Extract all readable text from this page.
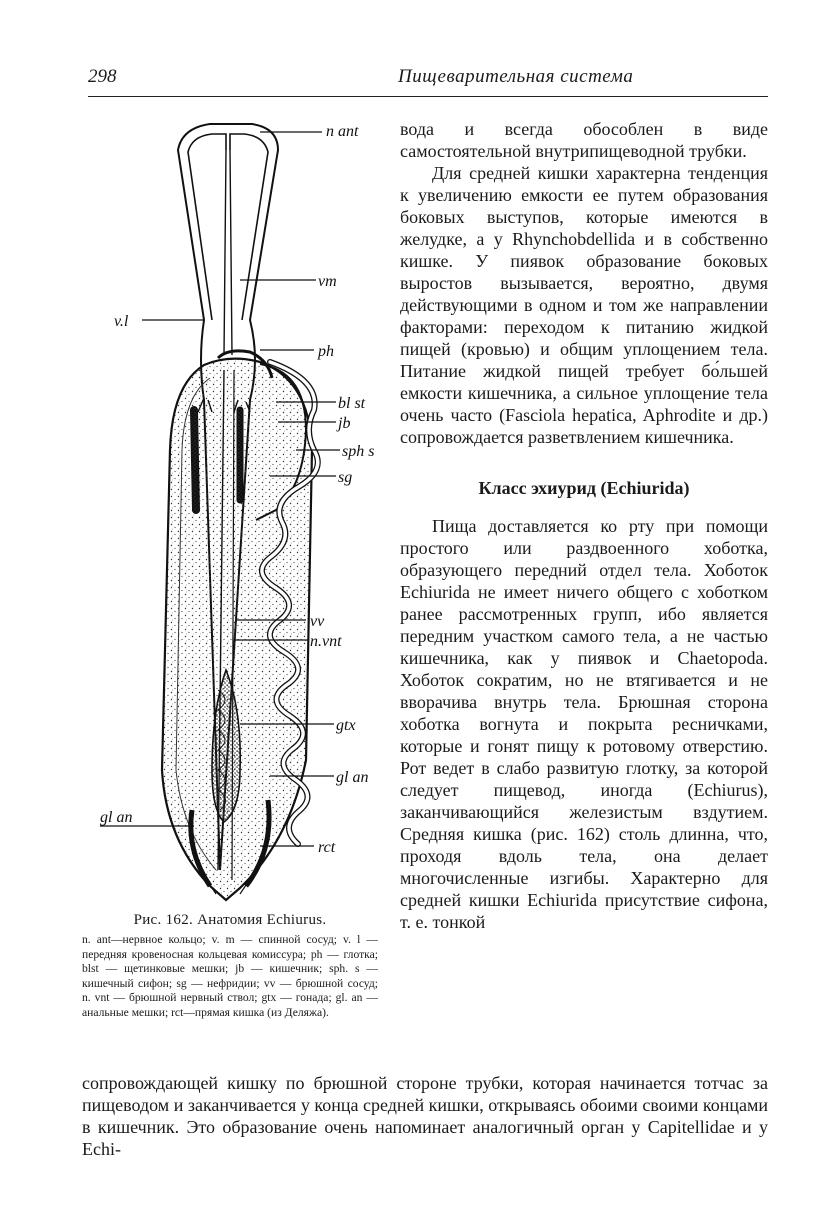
298	Пищеварительная система
n ant
vm
v.l
ph
bl st
jb
sph s
sg
vv
n.vnt
gtx
gl an
gl an
rct
Рис. 162. Анатомия Echiurus.
n. ant—нервное кольцо; v. m — спинной сосуд; v. l — передняя кровеносная кольцевая комиссура; ph — глотка; blst — щетинковые мешки; jb — кишечник; sph. s — кишечный сифон; sg — нефридии; vv — брюшной сосуд; n. vnt — брюшной нервный ствол; gtx — гонада; gl. an — анальные мешки; rct—прямая кишка (из Деляжа).

вода и всегда обособлен в виде самостоятельной внутрипищеводной трубки.

Для средней кишки характерна тенденция к увеличению емкости ее путем образования боковых выступов, которые имеются в желудке, а у Rhynchobdellida и в собственно кишке. У пиявок образование боковых выростов вызывается, вероятно, двумя действующими в одном и том же направлении факторами: переходом к питанию жидкой пищей (кровью) и общим уплощением тела. Питание жидкой пищей требует бо́льшей емкости кишечника, а сильное уплощение тела очень часто (Fasciola hepatica, Aphrodite и др.) сопровождается разветвлением кишечника.

Класс эхиурид (Echiurida)

Пища доставляется ко рту при помощи простого или раздвоенного хоботка, образующего передний отдел тела. Хоботок Echiurida не имеет ничего общего с хоботком ранее рассмотренных групп, ибо является передним участком самого тела, а не частью кишечника, как у пиявок и Chaetopoda. Хоботок сократим, но не втягивается и не вворачива внутрь тела. Брюшная сторона хоботка вогнута и покрыта ресничками, которые и гонят пищу к ротовому отверстию. Рот ведет в слабо развитую глотку, за которой следует пищевод, иногда (Echiurus), заканчивающийся железистым вздутием. Средняя кишка (рис. 162) столь длинна, что, проходя вдоль тела, она делает многочисленные изгибы. Характерно для средней кишки Echiurida присутствие сифона, т. е. тонкой

сопровождающей кишку по брюшной стороне трубки, которая начинается тотчас за пищеводом и заканчивается у конца средней кишки, открываясь обоими своими концами в кишечник. Это образование очень напоминает аналогичный орган у Capitellidae и у Echi-
